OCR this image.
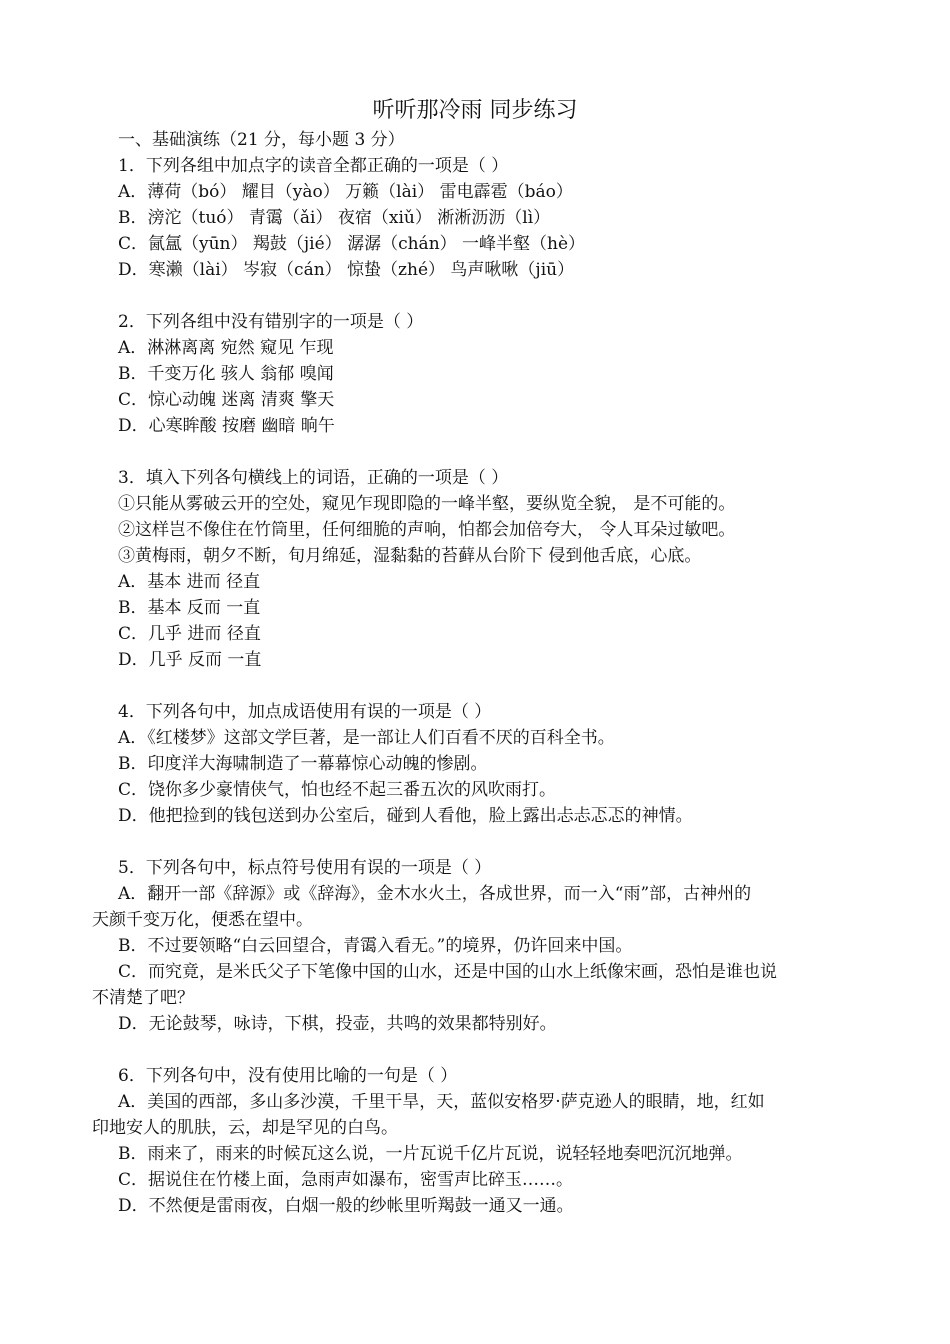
听听那冷雨 同步练习
一、基础演练（21 分，每小题 3 分）
1．下列各组中加点字的读音全都正确的一项是（ ）
A．薄荷（bó） 耀目（yào） 万籁（lài） 雷电霹雹（báo）
B．滂沱（tuó） 青霭（ǎi） 夜宿（xiǔ） 淅淅沥沥（lì）
C．氤氲（yūn） 羯鼓（jié） 潺潺（chán） 一峰半壑（hè）
D．寒濑（lài） 岑寂（cán） 惊蛰（zhé） 鸟声啾啾（jiū）
2．下列各组中没有错别字的一项是（ ）
A．淋淋离离 宛然 窥见 乍现
B．千变万化 骇人 翁郁 嗅闻
C．惊心动魄 迷离 清爽 擎天
D．心寒眸酸 按磨 幽暗 晌午
3．填入下列各句横线上的词语，正确的一项是（ ）
①只能从雾破云开的空处，窥见乍现即隐的一峰半壑，要纵览全貌， 是不可能的。
②这样岂不像住在竹筒里，任何细脆的声响，怕都会加倍夸大， 令人耳朵过敏吧。
③黄梅雨，朝夕不断，旬月绵延，湿黏黏的苔藓从台阶下 侵到他舌底，心底。
A．基本 进而 径直
B．基本 反而 一直
C．几乎 进而 径直
D．几乎 反而 一直
4．下列各句中，加点成语使用有误的一项是（ ）
A．《红楼梦》这部文学巨著，是一部让人们百看不厌的百科全书。
B．印度洋大海啸制造了一幕幕惊心动魄的惨剧。
C．饶你多少豪情侠气，怕也经不起三番五次的风吹雨打。
D．他把捡到的钱包送到办公室后，碰到人看他，脸上露出忐忐忑忑的神情。
5．下列各句中，标点符号使用有误的一项是（ ）
A．翻开一部《辞源》或《辞海》，金木水火土，各成世界，而一入“雨”部，古神州的
天颜千变万化，便悉在望中。
B．不过要领略“白云回望合，青霭入看无。”的境界，仍许回来中国。
C．而究竟，是米氏父子下笔像中国的山水，还是中国的山水上纸像宋画，恐怕是谁也说
不清楚了吧？
D．无论鼓琴，咏诗，下棋，投壶，共鸣的效果都特别好。
6．下列各句中，没有使用比喻的一句是（ ）
A．美国的西部，多山多沙漠，千里干旱，天，蓝似安格罗·萨克逊人的眼睛，地，红如
印地安人的肌肤，云，却是罕见的白鸟。
B．雨来了，雨来的时候瓦这么说，一片瓦说千亿片瓦说，说轻轻地奏吧沉沉地弹。
C．据说住在竹楼上面，急雨声如瀑布，密雪声比碎玉……。
D．不然便是雷雨夜，白烟一般的纱帐里听羯鼓一通又一通。
